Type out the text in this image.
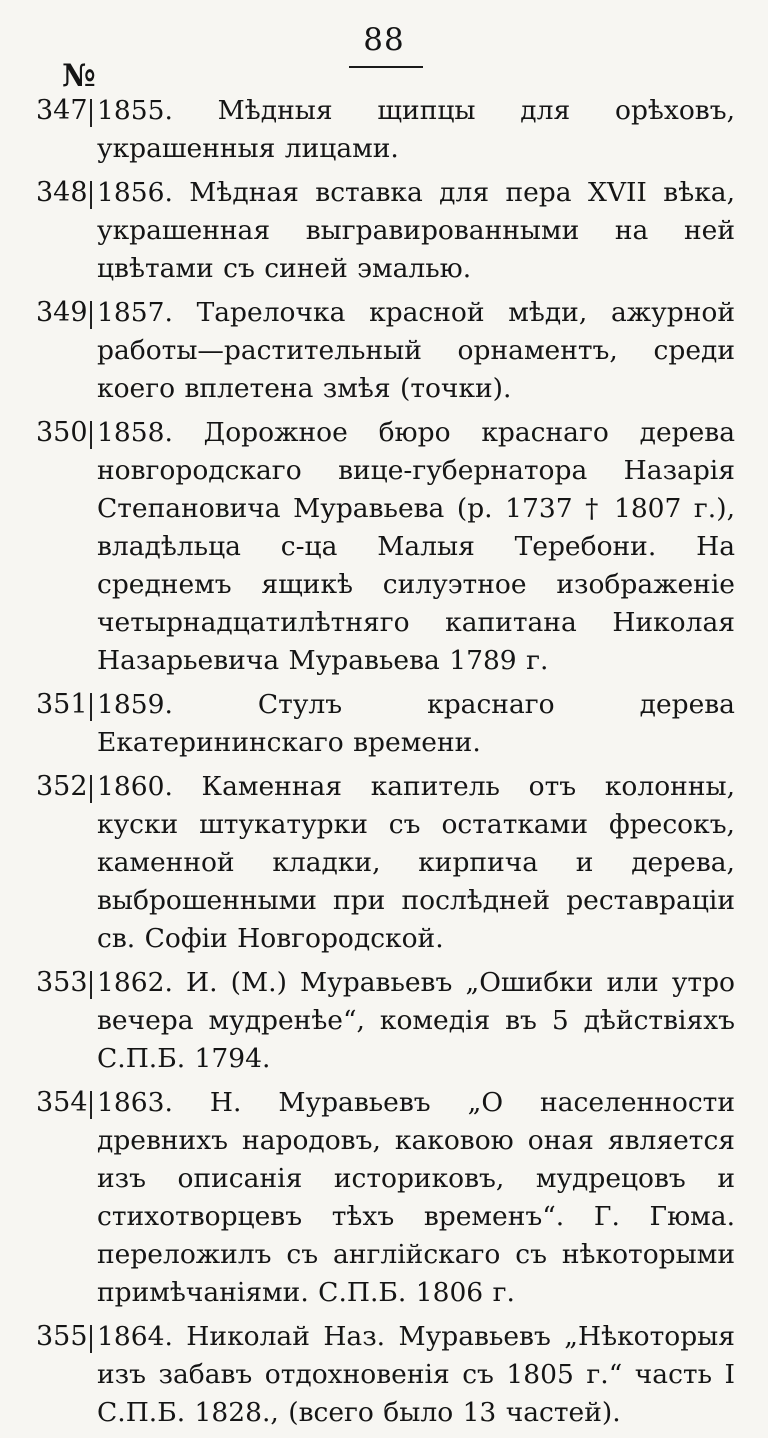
88
№
347 1855. Мѣдныя щипцы для орѣховъ, украшенныя лицами.
348 1856. Мѣдная вставка для пера XVII вѣка, украшенная выгравированными на ней цвѣтами съ синей эмалью.
349 1857. Тарелочка красной мѣди, ажурной работы—растительный орнаментъ, среди коего вплетена змѣя (точки).
350 1858. Дорожное бюро краснаго дерева новгородскаго вице-губернатора Назарія Степановича Муравьева (р. 1737 † 1807 г.), владѣльца с-ца Малыя Теребони. На среднемъ ящикѣ силуэтное изображеніе четырнадцатилѣтняго капитана Николая Назарьевича Муравьева 1789 г.
351 1859. Стулъ краснаго дерева Екатерининскаго времени.
352 1860. Каменная капитель отъ колонны, куски штукатурки съ остатками фресокъ, каменной кладки, кирпича и дерева, выброшенными при послѣдней реставраціи св. Софіи Новгородской.
353 1862. И. (М.) Муравьевъ „Ошибки или утро вечера мудренѣе“, комедія въ 5 дѣйствіяхъ С.П.Б. 1794.
354 1863. Н. Муравьевъ „О населенности древнихъ народовъ, каковою оная является изъ описанія историковъ, мудрецовъ и стихотворцевъ тѣхъ временъ“. Г. Гюма. переложилъ съ англійскаго съ нѣкоторыми примѣчаніями. С.П.Б. 1806 г.
355 1864. Николай Наз. Муравьевъ „Нѣкоторыя изъ забавъ отдохновенія съ 1805 г.“ часть I С.П.Б. 1828., (всего было 13 частей).
